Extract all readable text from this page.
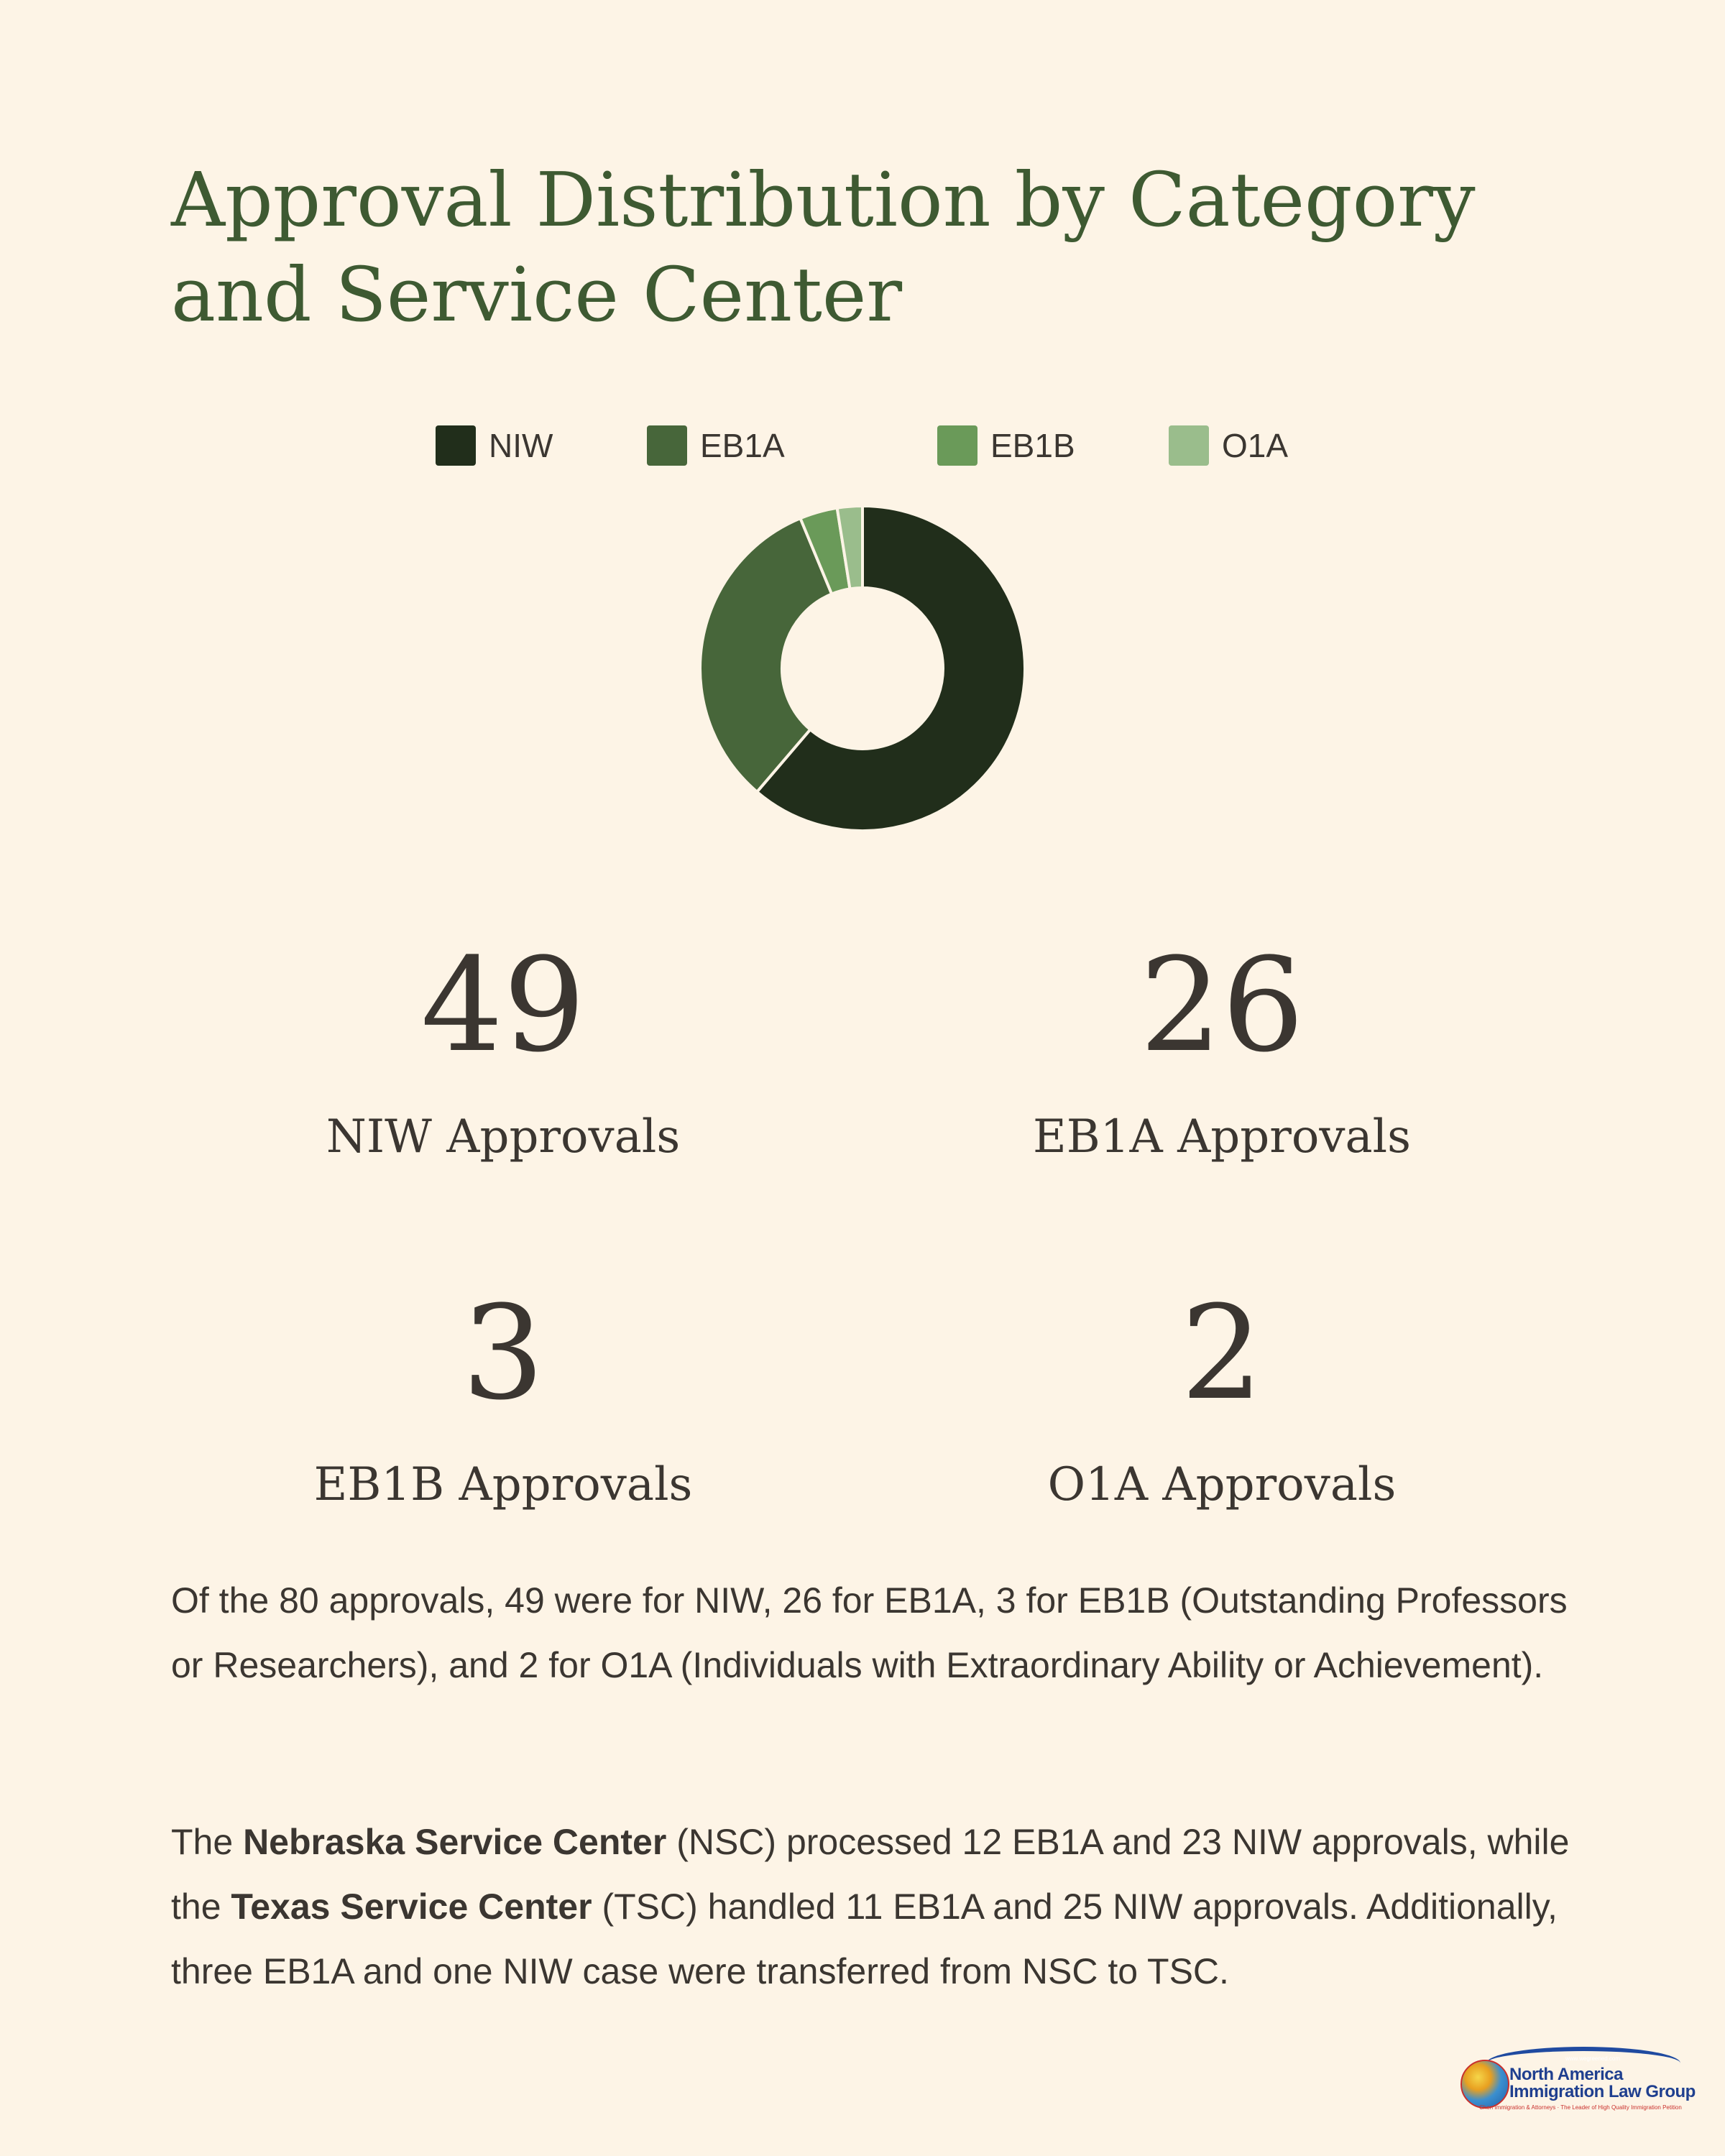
Approval Distribution by Category and Service Center
NIW	EB1A	EB1B	O1A
49
NIW Approvals
26
EB1A Approvals
3
EB1B Approvals
2
O1A Approvals

Of the 80 approvals, 49 were for NIW, 26 for EB1A, 3 for EB1B (Outstanding Professors or Researchers), and 2 for O1A (Individuals with Extraordinary Ability or Achievement).

The Nebraska Service Center (NSC) processed 12 EB1A and 23 NIW approvals, while the Texas Service Center (TSC) handled 11 EB1A and 25 NIW approvals. Additionally, three EB1A and one NIW case were transferred from NSC to TSC.

www.wegreened.com
North America
Immigration Law Group
Chen Immigration & Attorneys · The Leader of High Quality Immigration Petition
